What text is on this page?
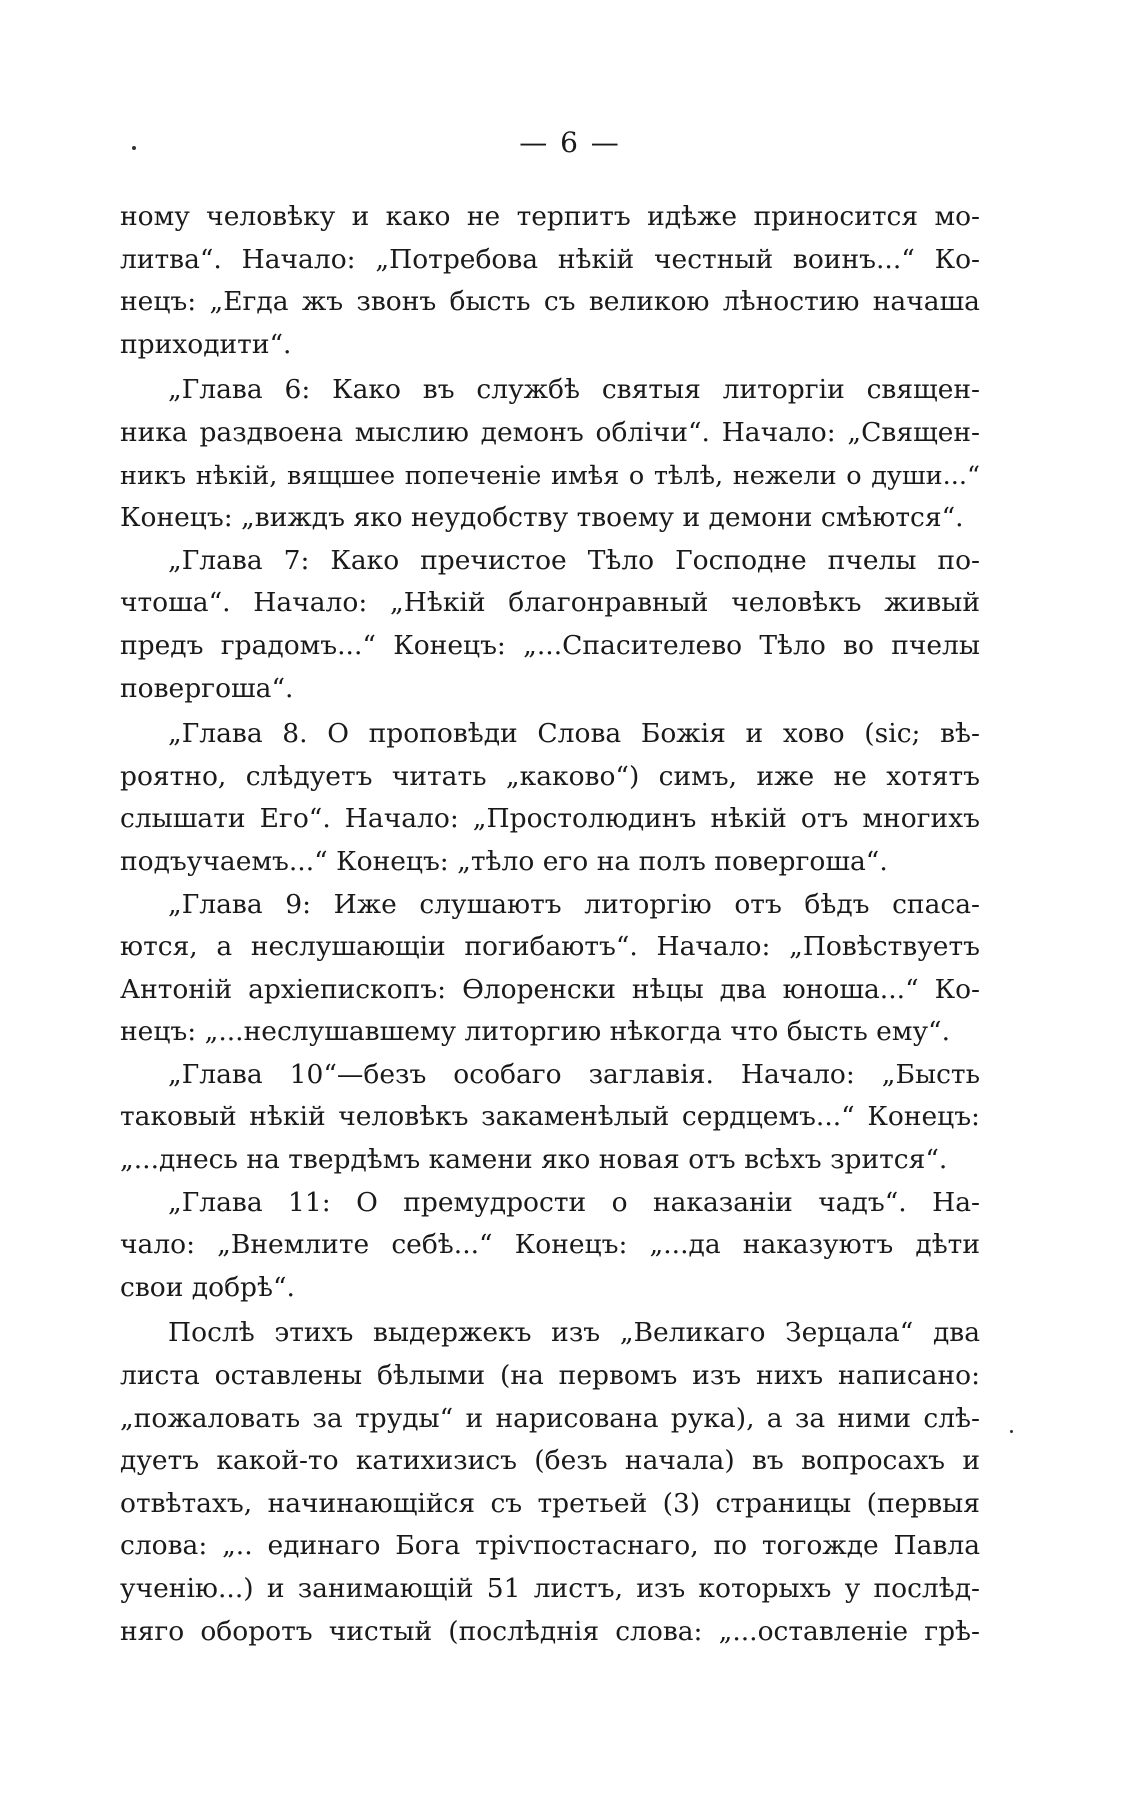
— 6 —
ному человѣку и како не терпитъ идѣже приносится мо-
литва“. Начало: „Потребова нѣкій честный воинъ...“ Ко-
нецъ: „Егда жъ звонъ бысть съ великою лѣностию начаша
приходити“.
„Глава 6: Како въ службѣ святыя литоргіи священ-
ника раздвоена мыслию демонъ облічи“. Начало: „Священ-
никъ нѣкій, вящшее попеченіе имѣя о тѣлѣ, нежели о души...“
Конецъ: „виждъ яко неудобству твоему и демони смѣются“.
„Глава 7: Како пречистое Тѣло Господне пчелы по-
чтоша“. Начало: „Нѣкій благонравный человѣкъ живый
предъ градомъ...“ Конецъ: „...Спасителево Тѣло во пчелы
повергоша“.
„Глава 8. О проповѣди Слова Божія и хово (sic; вѣ-
роятно, слѣдуетъ читать „каково“) симъ, иже не хотятъ
слышати Его“. Начало: „Простолюдинъ нѣкій отъ многихъ
подъучаемъ...“ Конецъ: „тѣло его на полъ повергоша“.
„Глава 9: Иже слушаютъ литоргію отъ бѣдъ спаса-
ются, а неслушающіи погибаютъ“. Начало: „Повѣствуетъ
Антоній архіепископъ: Өлоренски нѣцы два юноша...“ Ко-
нецъ: „...неслушавшему литоргию нѣкогда что бысть ему“.
„Глава 10“—безъ особаго заглавія. Начало: „Бысть
таковый нѣкій человѣкъ закаменѣлый сердцемъ...“ Конецъ:
„...днесь на твердѣмъ камени яко новая отъ всѣхъ зрится“.
„Глава 11: О премудрости о наказаніи чадъ“. На-
чало: „Внемлите себѣ...“ Конецъ: „...да наказуютъ дѣти
свои добрѣ“.
Послѣ этихъ выдержекъ изъ „Великаго Зерцала“ два
листа оставлены бѣлыми (на первомъ изъ нихъ написано:
„пожаловать за труды“ и нарисована рука), а за ними слѣ-
дуетъ какой-то катихизисъ (безъ начала) въ вопросахъ и
отвѣтахъ, начинающійся съ третьей (3) страницы (первыя
слова: „.. единаго Бога тріѵпостаснаго, по тогожде Павла
ученію...) и занимающій 51 листъ, изъ которыхъ у послѣд-
няго оборотъ чистый (послѣднія слова: „...оставленіе грѣ-
